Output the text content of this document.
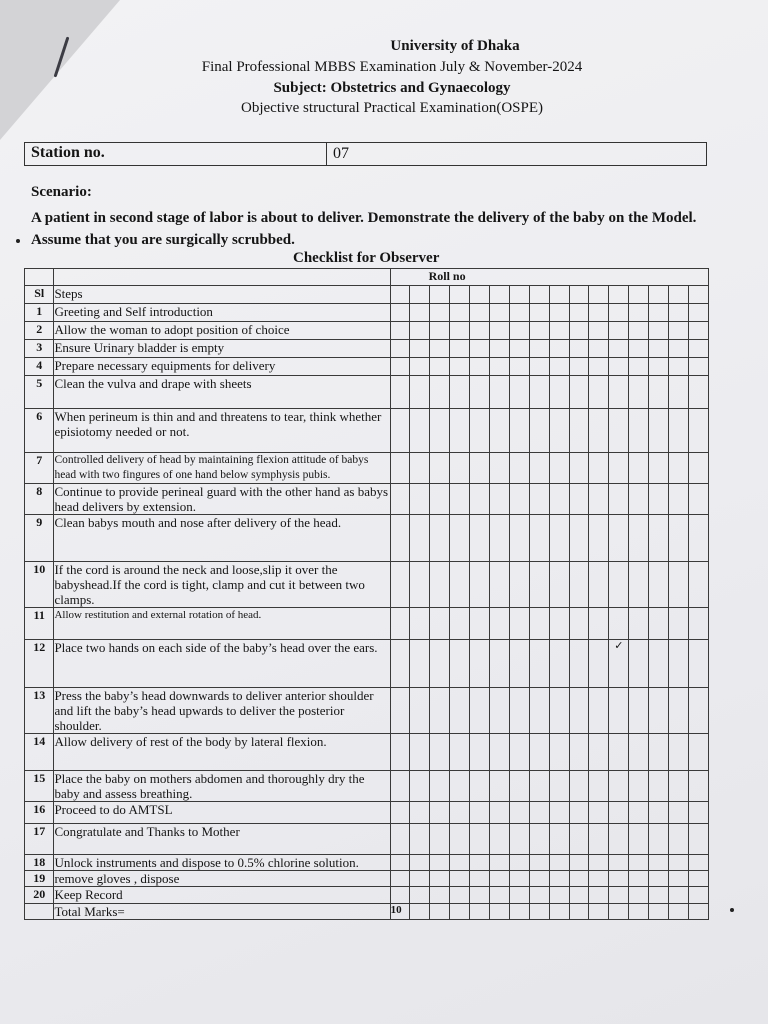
University of Dhaka
Final Professional MBBS Examination July & November-2024
Subject: Obstetrics and Gynaecology
Objective structural Practical Examination(OSPE)
Station no.	07
Scenario:
A patient in second stage of labor is about to deliver. Demonstrate the delivery of the baby on the Model. Assume that you are surgically scrubbed.
Checklist for Observer
		Roll no															
Sl	Steps																
1	Greeting and Self introduction																
2	Allow the woman to adopt position of choice																
3	Ensure Urinary bladder is empty																
4	Prepare necessary equipments for delivery																
5	Clean the vulva and drape with sheets																
6	When perineum is thin and and threatens to tear, think whether episiotomy needed or not.																
7	Controlled delivery of head by maintaining flexion attitude of babys head with two fingures of one hand below symphysis pubis.																
8	Continue to provide perineal guard with the other hand as babys head delivers by extension.																
9	Clean babys mouth and nose after delivery of the head.																
10	If the cord is around the neck and loose,slip it over the babyshead.If the cord is tight, clamp and cut it between two clamps.																
11	Allow restitution and external rotation of head.																
12	Place two hands on each side of the baby’s head over the ears.												✓				

13	Press the baby’s head downwards to deliver anterior shoulder and lift the baby’s head upwards to deliver the posterior shoulder.																
14	Allow delivery of rest of the body by lateral flexion.																
15	Place the baby on mothers abdomen and thoroughly dry the baby and assess breathing.																
16	Proceed to do AMTSL																
17	Congratulate and Thanks to Mother																
18	Unlock instruments and dispose to 0.5% chlorine solution.																
19	remove gloves , dispose																
20	Keep Record																
	Total Marks=	10															
